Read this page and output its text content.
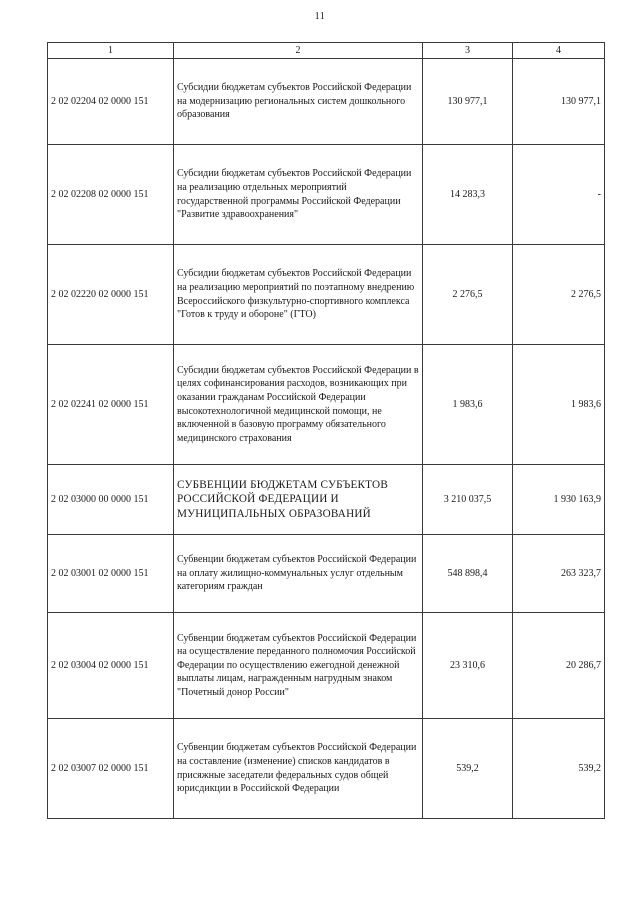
11
1	2	3	4
2 02 02204 02 0000 151	Субсидии бюджетам субъектов Российской Федерации на модернизацию региональных систем дошкольного образования	130 977,1	130 977,1
2 02 02208 02 0000 151	Субсидии бюджетам субъектов Российской Федерации на реализацию отдельных мероприятий государственной программы Российской Федерации "Развитие здравоохранения"	14 283,3	-
2 02 02220 02 0000 151	Субсидии бюджетам субъектов Российской Федерации на реализацию мероприятий по поэтапному внедрению Всероссийского физкультурно-спортивного комплекса "Готов к труду и обороне" (ГТО)	2 276,5	2 276,5
2 02 02241 02 0000 151	Субсидии бюджетам субъектов Российской Федерации в целях софинансирования расходов, возникающих при оказании гражданам Российской Федерации высокотехнологичной медицинской помощи, не включенной в базовую программу обязательного медицинского страхования	1 983,6	1 983,6
2 02 03000 00 0000 151	СУБВЕНЦИИ БЮДЖЕТАМ СУБЪЕКТОВ РОССИЙСКОЙ ФЕДЕРАЦИИ И МУНИЦИПАЛЬНЫХ ОБРАЗОВАНИЙ	3 210 037,5	1 930 163,9
2 02 03001 02 0000 151	Субвенции бюджетам субъектов Российской Федерации на оплату жилищно-коммунальных услуг отдельным категориям граждан	548 898,4	263 323,7
2 02 03004 02 0000 151	Субвенции бюджетам субъектов Российской Федерации на осуществление переданного полномочия Российской Федерации по осуществлению ежегодной денежной выплаты лицам, награжденным нагрудным знаком "Почетный донор России"	23 310,6	20 286,7
2 02 03007 02 0000 151	Субвенции бюджетам субъектов Российской Федерации на составление (изменение) списков кандидатов в присяжные заседатели федеральных судов общей юрисдикции в Российской Федерации	539,2	539,2
